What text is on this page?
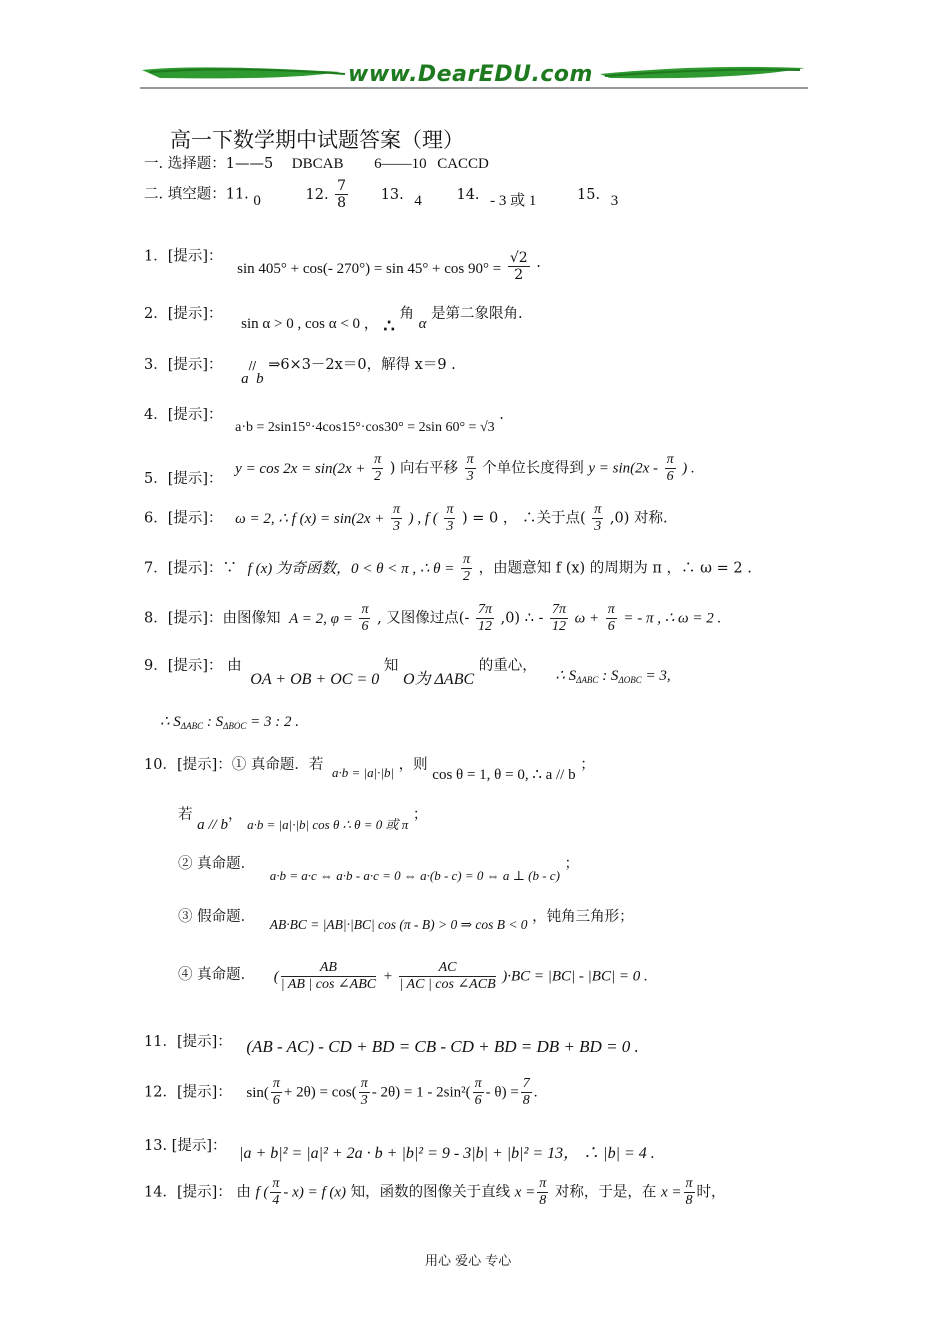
www.DearEDU.com
高一下数学期中试题答案（理）
一. 选择题：1——5 DBCAB 6——10 CACCD
二. 填空题：11. 0	12. $\frac{7}{8} 13$. 4 14. - 3 或 1	15. 3
1．[提示]： sin 405° + cos(- $270^\circ) = \sin 45^\circ + \cos 90^\circ = \frac{√2}{2}$ .
2．[提示]： sin α > 0 , cos α < 0 ， ∴ 角 α 是第二象限角.
3．[提示]： a//b ⇒6×3－2x＝0，解得 x＝9 .
4．[提示]： a·b = 2sin15°·4cos15°·cos30° = 2sin 60° = √3 .
5．[提示]： $y = \cos 2x = \sin(2x + \frac{\pi}{2}$ ) 向右平移 $\frac{\pi}{3}$ 个单位长度得到 $y = \sin(2x - \frac{\pi}{6}$ ) .
6．[提示]： ω = 2, ∴ f $(x) = \sin(2x + \frac{\pi}{3}$ ) , f ( $\frac{\pi}{3}$ ) = 0 ， ∴关于点( $\frac{\pi}{3} ,0$) 对称.
7．[提示]：∵ f (x) 为奇函数，0 < θ < π , ∴ $\theta = \frac{\pi}{2}$ ，由题意知 f (x) 的周期为 π ，∴ ω = 2 .
8．[提示]：由图像知 A = 2, $\varphi = \frac{\pi}{6}$ , 又图像过点(- $\frac{7\pi}{12} ,0$) ∴ - $\frac{7\pi}{12}$ $\omega + \frac{\pi}{6}$ = - π , ∴ ω = 2 .
9．[提示]： 由 OA + OB + OC = 0 知 O为 ΔABC 的重心， ∴ $S_{\Delta ABC}$ : $S_{\Delta OBC} = 3$,
∴ $S_{\Delta ABC}$ : $S_{\Delta BOC} = 3$ : 2 .
10．[提示]：① 真命题．若 a·b = |a|·|b| ，则 cos θ = 1, θ = 0, ∴ a // b ；
若 a // b， a·b = |a|·|b| cos θ ∴ θ = 0 或 π ；
② 真命题． a·b = a·c ⇔ a·b - a·c = 0 ⇔ a·(b - c) = 0 ⇔ a ⊥ (b - c) ；
③ 假命题． AB·BC = |AB|·|BC| cos (π - B) > 0 ⇒ cos B < 0 ，钝角三角形；
④ 真命题． ( $\frac{AB}{\text{| AB | cos ∠ABC}} + \frac{AC}{\text{| AC | cos ∠ACB}} )\cdot BC = |BC| - |BC| = 0$ .
11．[提示]： (AB - AC) - CD + BD = CB - CD + BD = DB + BD = 0 .
12．[提示]： $\sin( \frac{\pi}{6} + 2\theta) = \cos( \frac{\pi}{3} - 2\theta) = 1 - 2\sin^2( \frac{\pi}{6} - \theta) = \frac{7}{8}$ .
13. [提示]： |a + b|² = |a|² + 2a · b + |b|² = 9 - 3|b| + |b|² = 13， ∴ |b| = 4 .
14．[提示]： 由 f ( $\frac{\pi}{4} - x) = f$ (x) 知，函数的图像关于直线 $x = \frac{\pi}{8}$ 对称，于是，在 $x = \frac{\pi}{8}$ 时，
用心 爱心 专心
